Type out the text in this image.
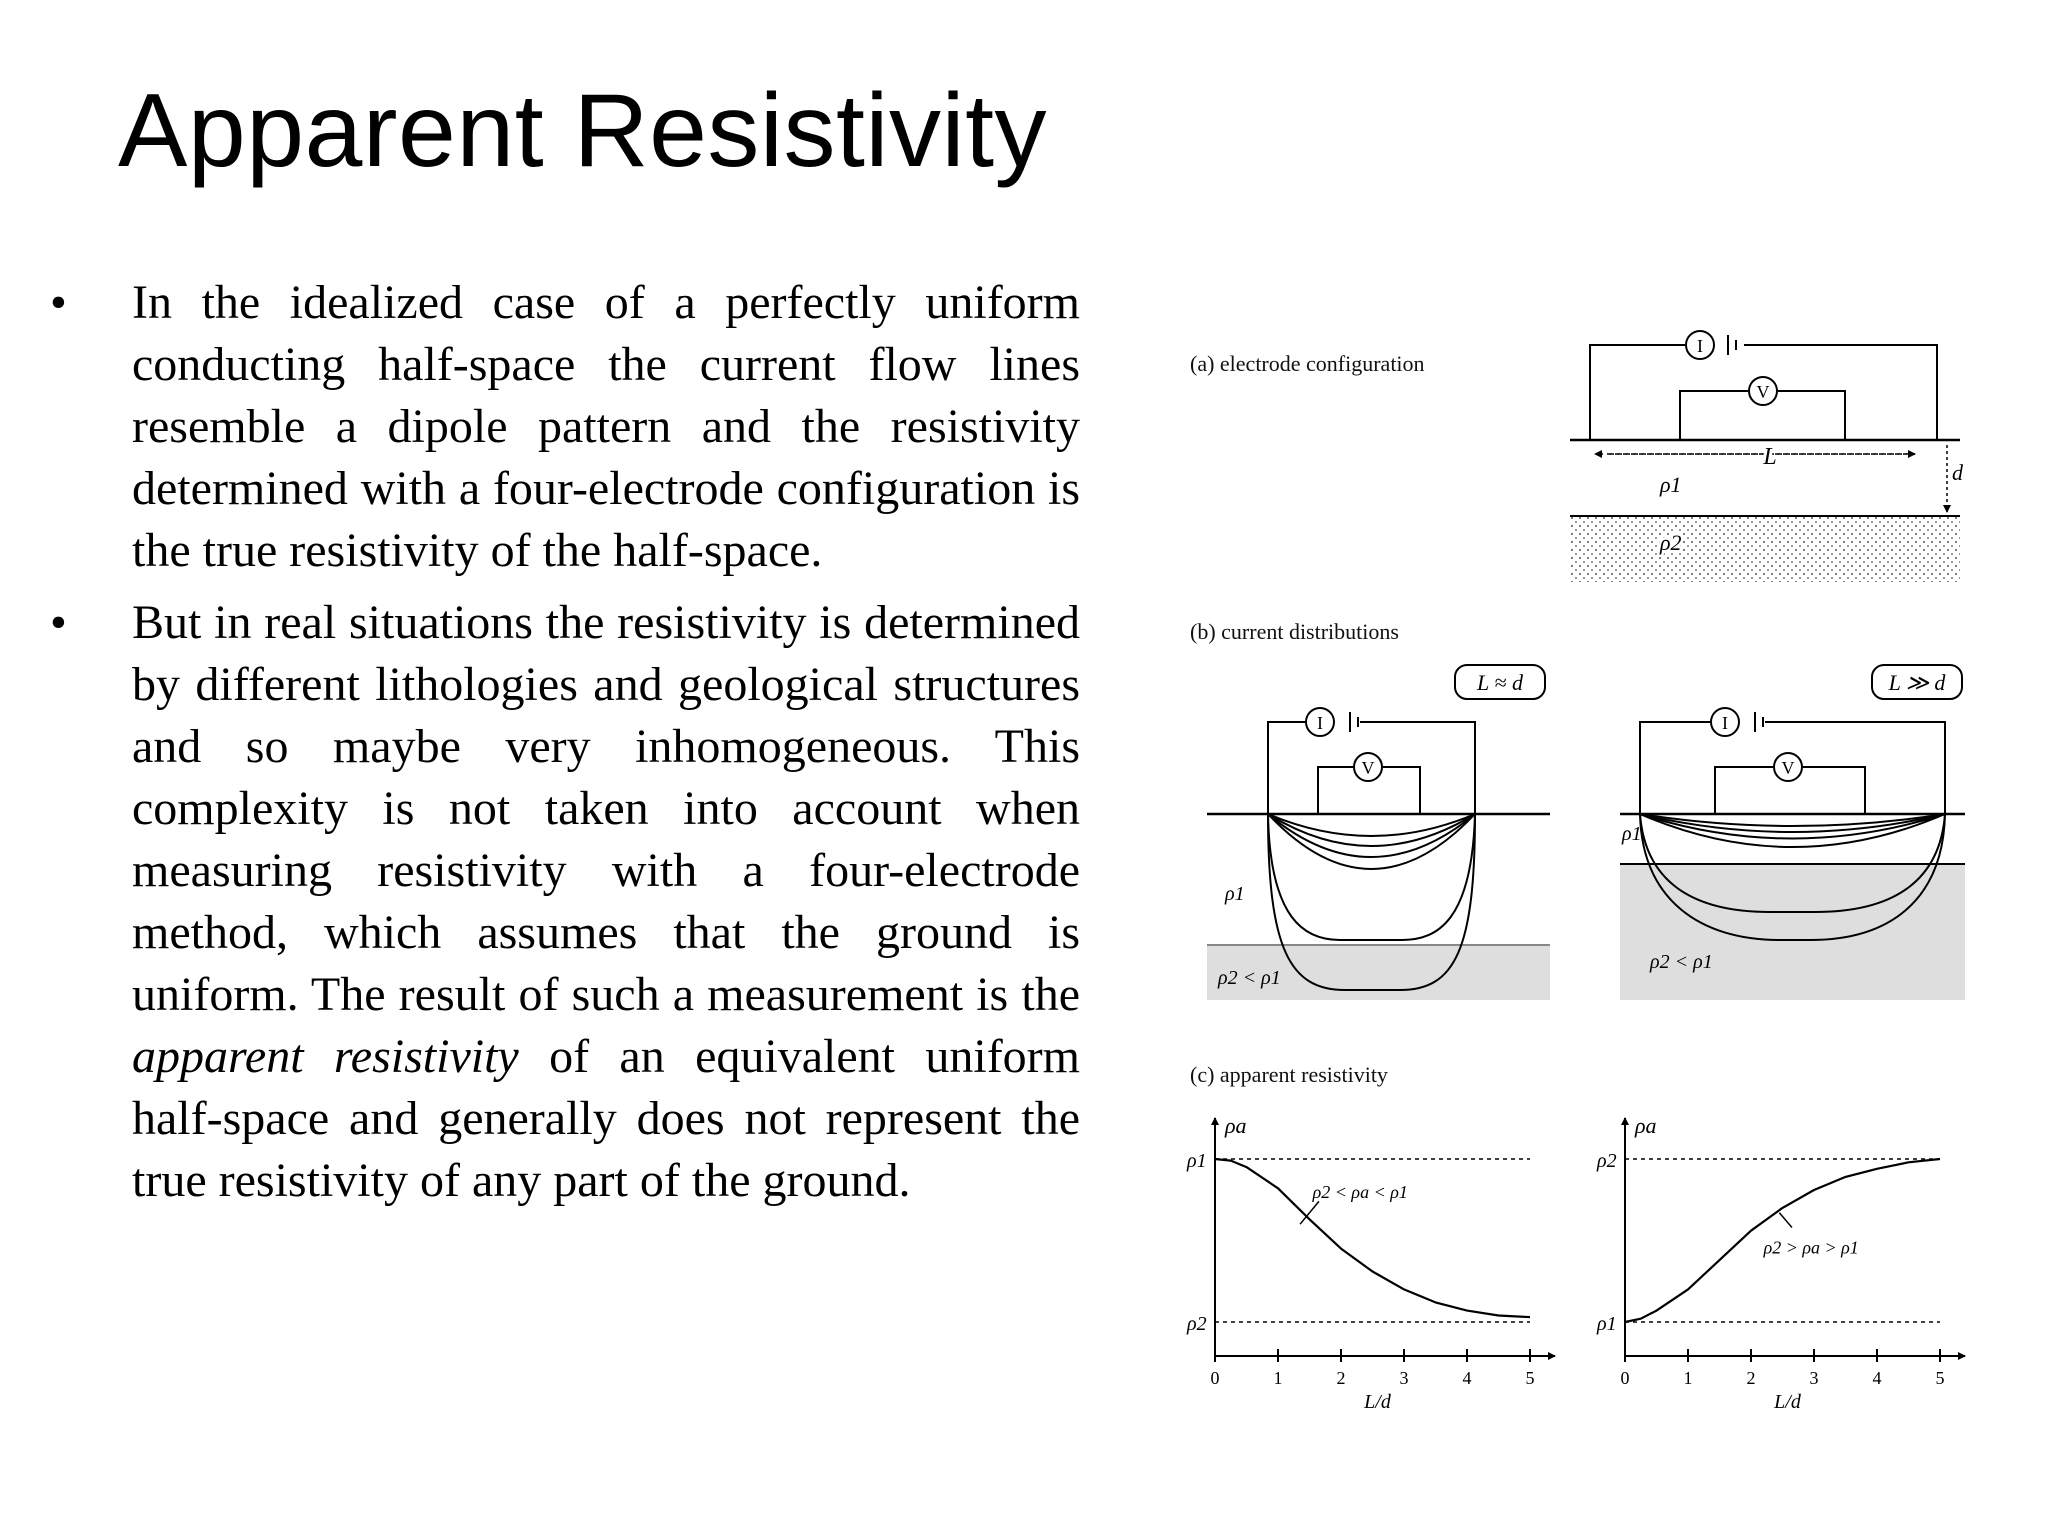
Apparent Resistivity
• In the idealized case of a perfectly uniform conducting half-space the current flow lines resemble a dipole pattern and the resistivity determined with a four-electrode configuration is the true resistivity of the half-space.
• But in real situations the resistivity is determined by different lithologies and geological structures and so maybe very inhomogeneous. This complexity is not taken into account when measuring resistivity with a four-electrode method, which assumes that the ground is uniform. The result of such a measurement is the apparent resistivity of an equivalent uniform half-space and generally does not represent the true resistivity of any part of the ground.
(a) electrode configuration
I
V
L
d
ρ1
ρ2
(b) current distributions
L ≈ d
I
V
ρ1
ρ2 < ρ1
L ≫ d
I
V
ρ1
ρ2 < ρ1
(c) apparent resistivity
ρa
L/d
0	1	2	3	4	5
ρ1
ρ2
ρ2 < ρa < ρ1
ρa
L/d
0	1	2	3	4	5
ρ2
ρ1
ρ2 > ρa > ρ1
